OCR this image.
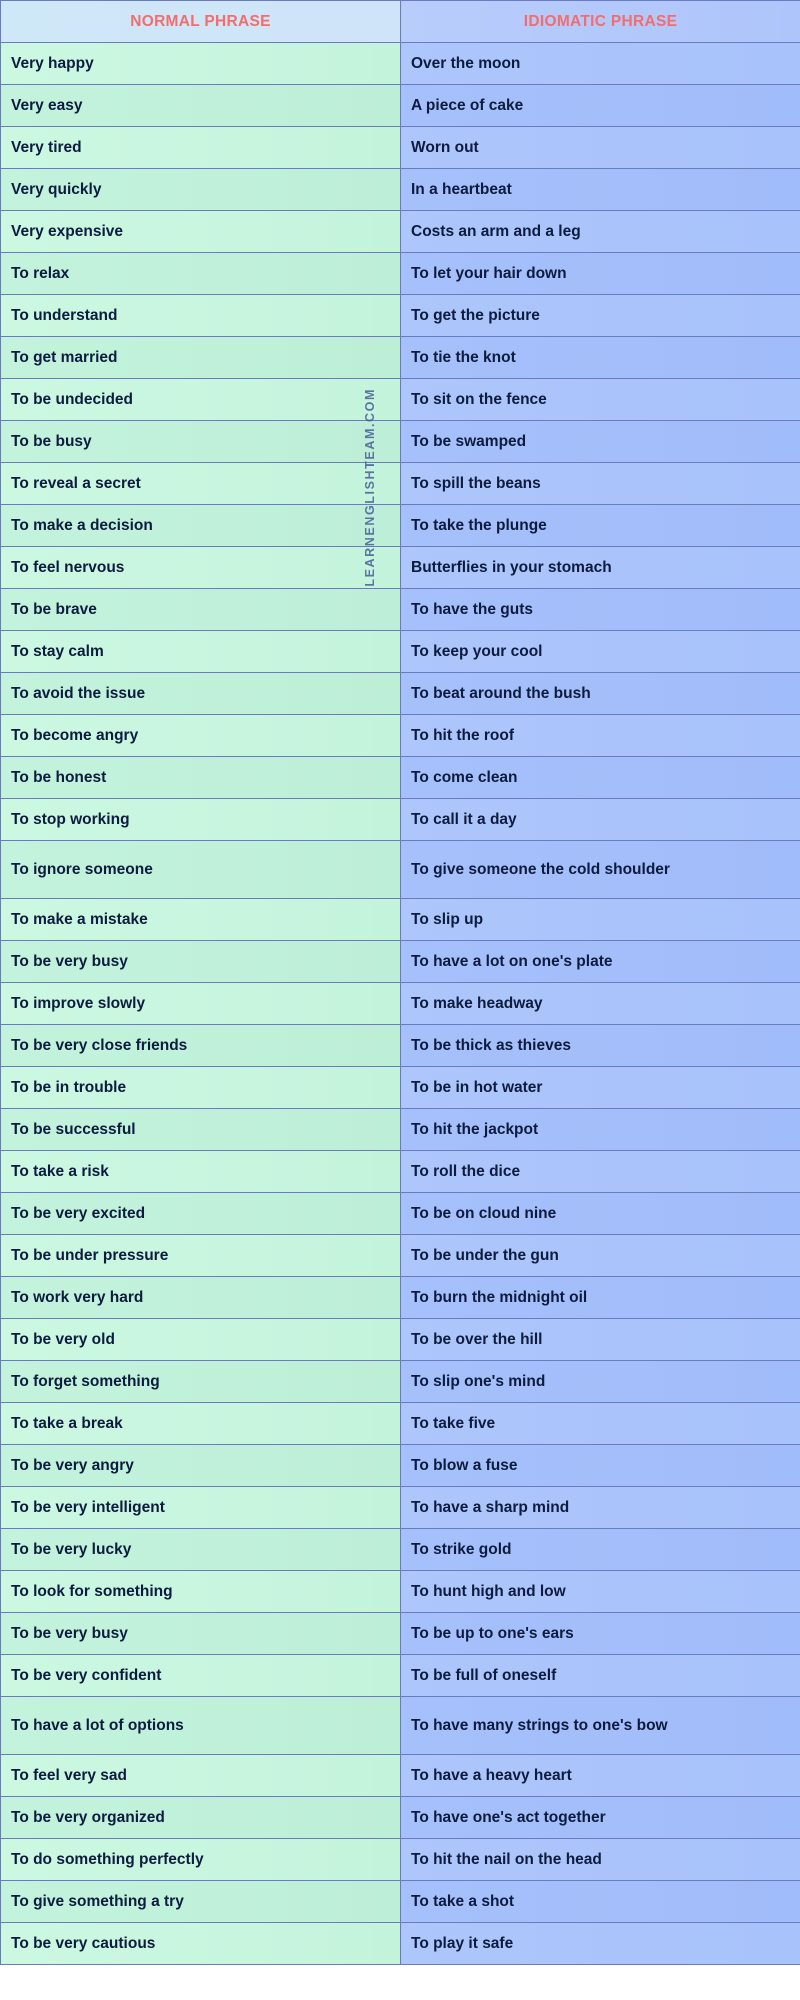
NORMAL PHRASE	IDIOMATIC PHRASE
Very happy	Over the moon
Very easy	A piece of cake
Very tired	Worn out
Very quickly	In a heartbeat
Very expensive	Costs an arm and a leg
To relax	To let your hair down
To understand	To get the picture
To get married	To tie the knot
To be undecided	To sit on the fence
To be busy	To be swamped
To reveal a secret	To spill the beans
To make a decision	To take the plunge
To feel nervous	Butterflies in your stomach
To be brave	To have the guts
To stay calm	To keep your cool
To avoid the issue	To beat around the bush
To become angry	To hit the roof
To be honest	To come clean
To stop working	To call it a day
To ignore someone	To give someone the cold shoulder
To make a mistake	To slip up
To be very busy	To have a lot on one's plate
To improve slowly	To make headway
To be very close friends	To be thick as thieves
To be in trouble	To be in hot water
To be successful	To hit the jackpot
To take a risk	To roll the dice
To be very excited	To be on cloud nine
To be under pressure	To be under the gun
To work very hard	To burn the midnight oil
To be very old	To be over the hill
To forget something	To slip one's mind
To take a break	To take five
To be very angry	To blow a fuse
To be very intelligent	To have a sharp mind
To be very lucky	To strike gold
To look for something	To hunt high and low
To be very busy	To be up to one's ears
To be very confident	To be full of oneself
To have a lot of options	To have many strings to one's bow
To feel very sad	To have a heavy heart
To be very organized	To have one's act together
To do something perfectly	To hit the nail on the head
To give something a try	To take a shot
To be very cautious	To play it safe
LEARNENGLISHTEAM.COM
